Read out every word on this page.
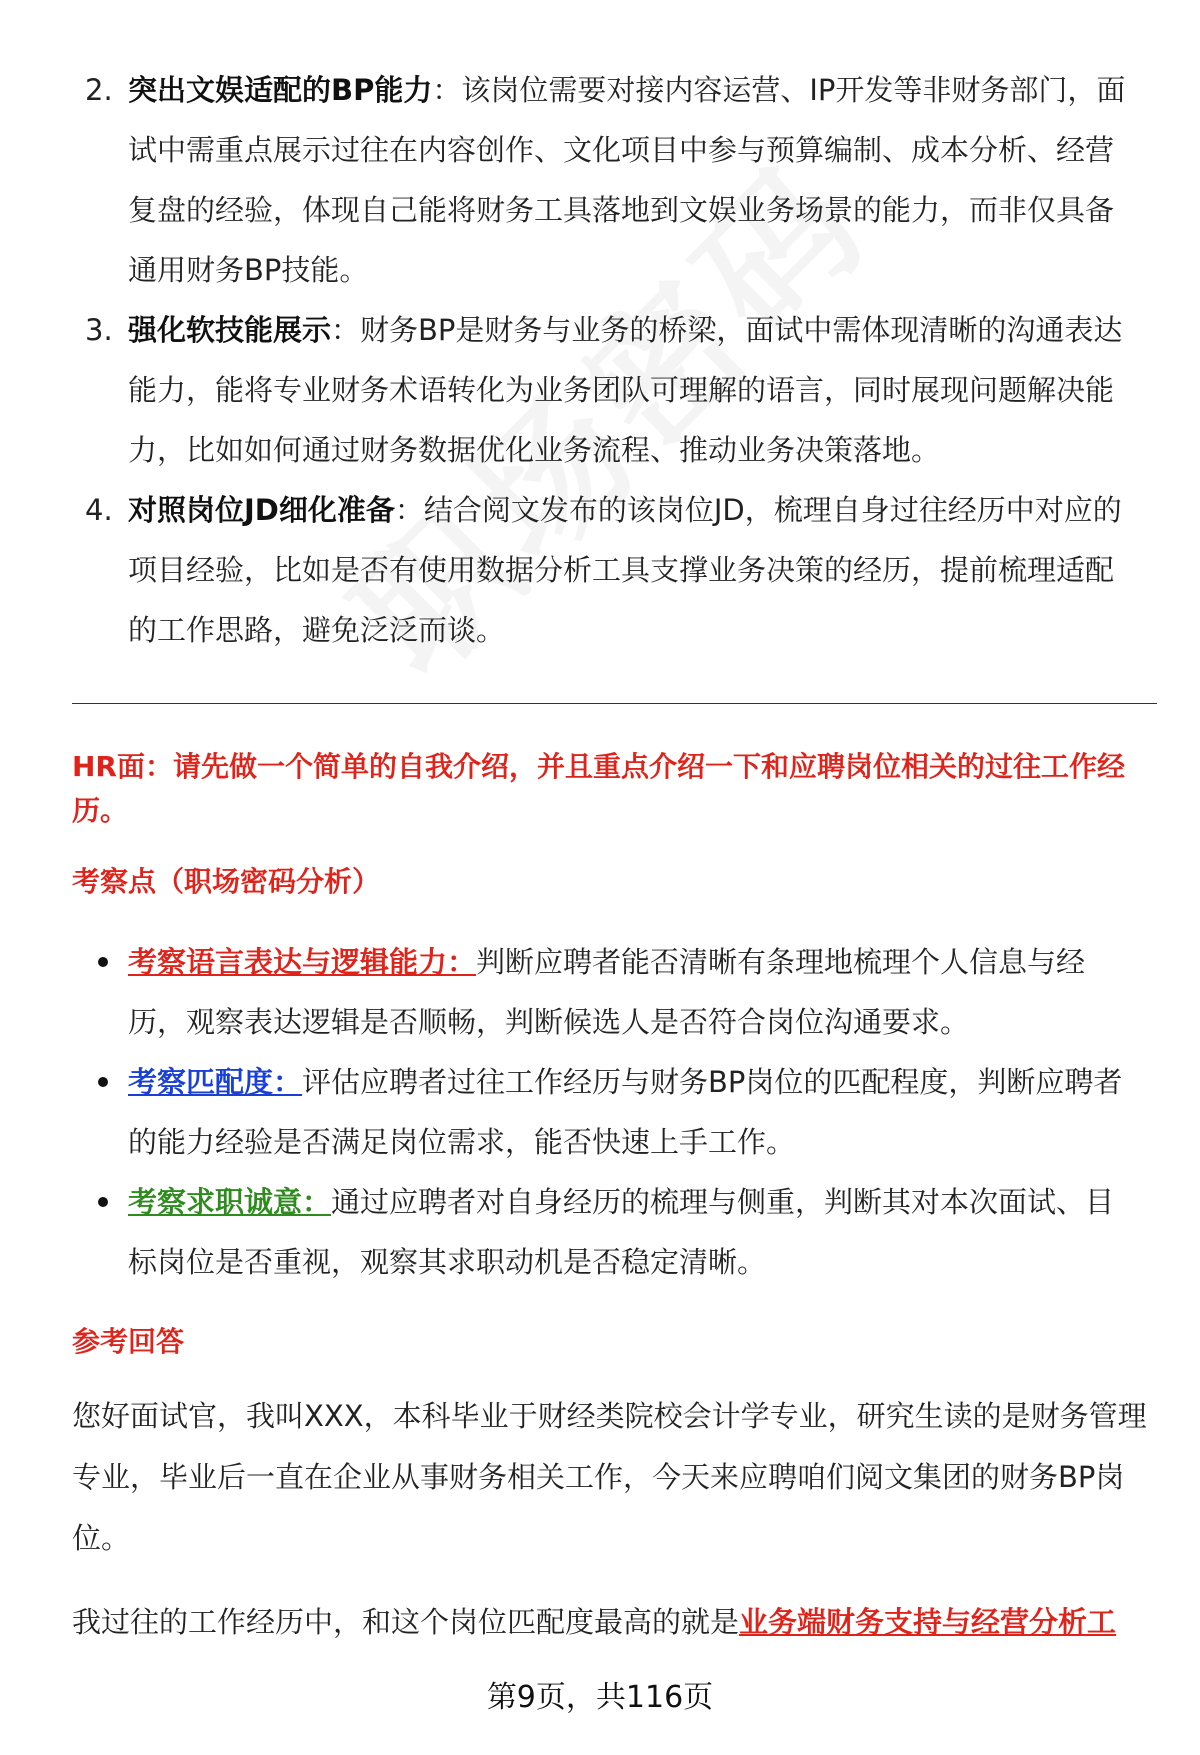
2. 突出文娱适配的BP能力：该岗位需要对接内容运营、IP开发等非财务部门，面试中需重点展示过往在内容创作、文化项目中参与预算编制、成本分析、经营复盘的经验，体现自己能将财务工具落地到文娱业务场景的能力，而非仅具备通用财务BP技能。
3. 强化软技能展示：财务BP是财务与业务的桥梁，面试中需体现清晰的沟通表达能力，能将专业财务术语转化为业务团队可理解的语言，同时展现问题解决能力，比如如何通过财务数据优化业务流程、推动业务决策落地。
4. 对照岗位JD细化准备：结合阅文发布的该岗位JD，梳理自身过往经历中对应的项目经验，比如是否有使用数据分析工具支撑业务决策的经历，提前梳理适配的工作思路，避免泛泛而谈。
HR面：请先做一个简单的自我介绍，并且重点介绍一下和应聘岗位相关的过往工作经历。
考察点（职场密码分析）
考察语言表达与逻辑能力：判断应聘者能否清晰有条理地梳理个人信息与经历，观察表达逻辑是否顺畅，判断候选人是否符合岗位沟通要求。
考察匹配度：评估应聘者过往工作经历与财务BP岗位的匹配程度，判断应聘者的能力经验是否满足岗位需求，能否快速上手工作。
考察求职诚意：通过应聘者对自身经历的梳理与侧重，判断其对本次面试、目标岗位是否重视，观察其求职动机是否稳定清晰。
参考回答
您好面试官，我叫XXX，本科毕业于财经类院校会计学专业，研究生读的是财务管理专业，毕业后一直在企业从事财务相关工作，今天来应聘咱们阅文集团的财务BP岗位。
我过往的工作经历中，和这个岗位匹配度最高的就是业务端财务支持与经营分析工
第9页，共116页
